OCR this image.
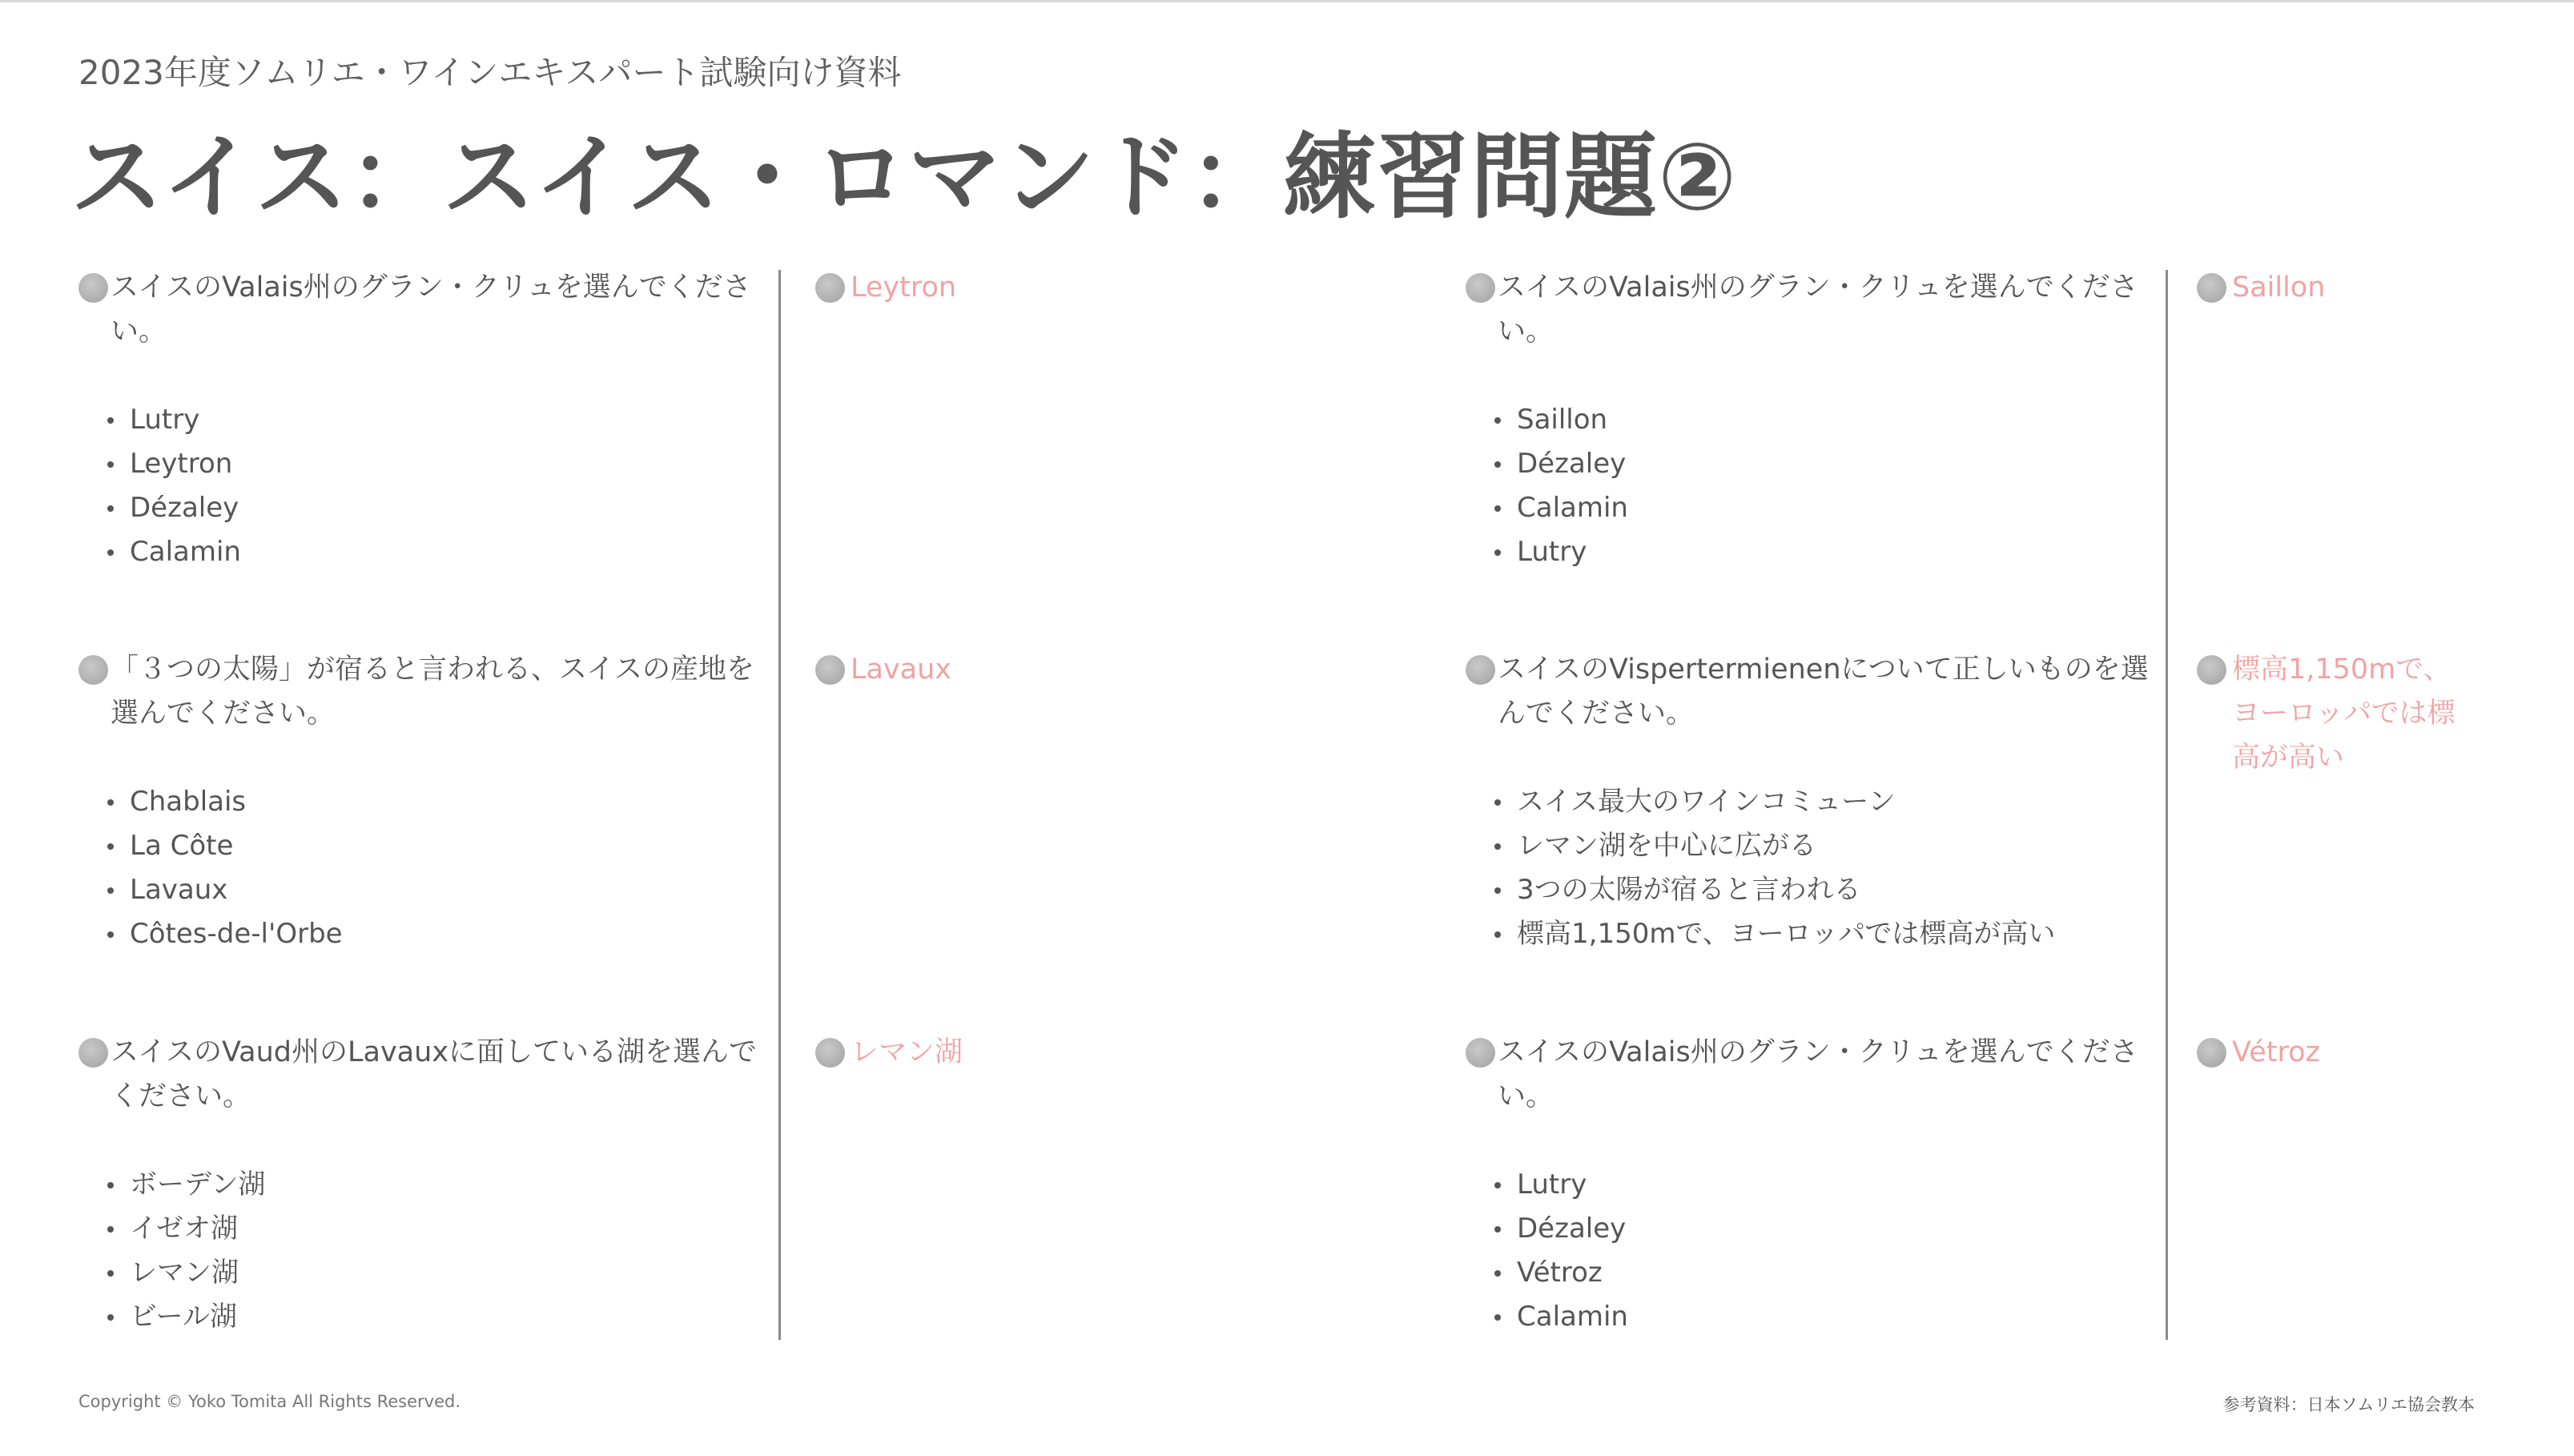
2023年度ソムリエ・ワインエキスパート試験向け資料
スイス：スイス・ロマンド：練習問題②
スイスのValais州のグラン・クリュを選んでください。
Lutry
Leytron
Dézaley
Calamin
Leytron
「３つの太陽」が宿ると言われる、スイスの産地を選んでください。
Chablais
La Côte
Lavaux
Côtes-de-l'Orbe
Lavaux
スイスのVaud州のLavauxに面している湖を選んでください。
ボーデン湖
イゼオ湖
レマン湖
ビール湖
レマン湖
スイスのValais州のグラン・クリュを選んでください。
Saillon
Dézaley
Calamin
Lutry
Saillon
スイスのVispertermienenについて正しいものを選んでください。
スイス最大のワインコミューン
レマン湖を中心に広がる
3つの太陽が宿ると言われる
標高1,150mで、ヨーロッパでは標高が高い
標高1,150mで、ヨーロッパでは標高が高い
スイスのValais州のグラン・クリュを選んでください。
Lutry
Dézaley
Vétroz
Calamin
Vétroz
Copyright © Yoko Tomita All Rights Reserved.	参考資料：日本ソムリエ協会教本
